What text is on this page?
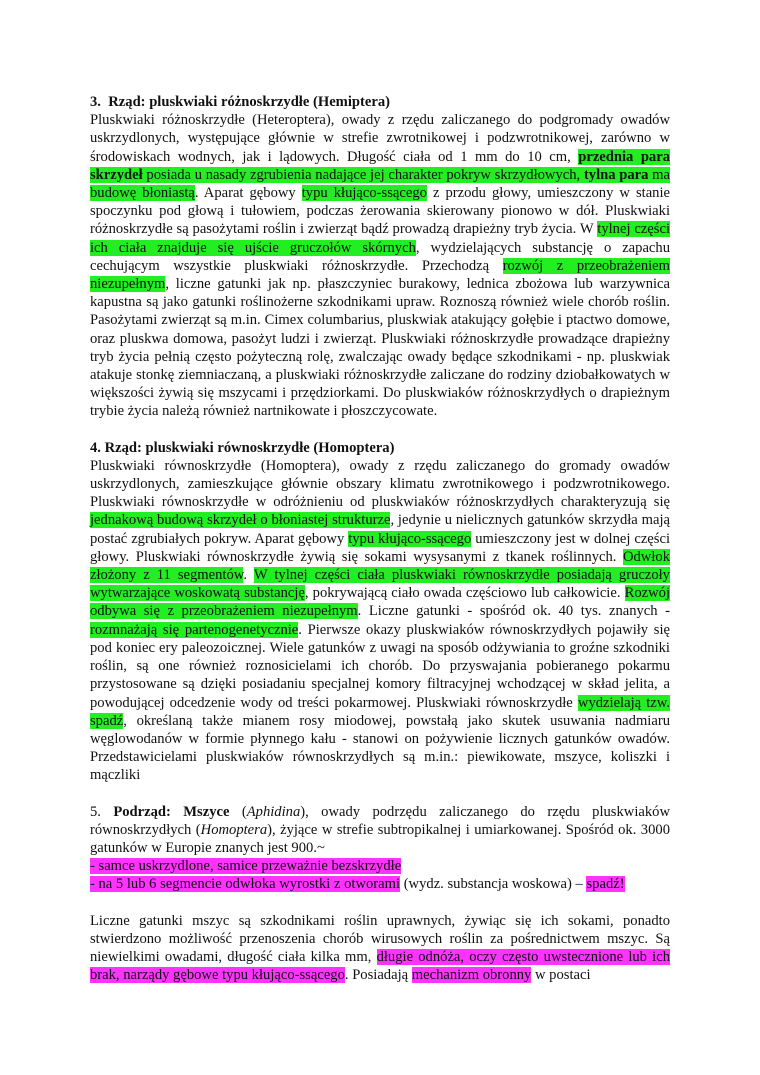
3. Rząd: pluskwiaki różnoskrzydłe (Hemiptera)

Pluskwiaki różnoskrzydłe (Heteroptera), owady z rzędu zaliczanego do podgromady owadów uskrzydlonych, występujące głównie w strefie zwrotnikowej i podzwrotnikowej, zarówno w środowiskach wodnych, jak i lądowych. Długość ciała od 1 mm do 10 cm, przednia para skrzydeł posiada u nasady zgrubienia nadające jej charakter pokryw skrzydłowych, tylna para ma budowę błoniastą. Aparat gębowy typu kłująco-ssącego z przodu głowy, umieszczony w stanie spoczynku pod głową i tułowiem, podczas żerowania skierowany pionowo w dół. Pluskwiaki różnoskrzydłe są pasożytami roślin i zwierząt bądź prowadzą drapieżny tryb życia. W tylnej części ich ciała znajduje się ujście gruczołów skórnych, wydzielających substancję o zapachu cechującym wszystkie pluskwiaki różnoskrzydłe. Przechodzą rozwój z przeobrażeniem niezupełnym, liczne gatunki jak np. płaszczyniec burakowy, lednica zbożowa lub warzywnica kapustna są jako gatunki roślinożerne szkodnikami upraw. Roznoszą również wiele chorób roślin. Pasożytami zwierząt są m.in. Cimex columbarius, pluskwiak atakujący gołębie i ptactwo domowe, oraz pluskwa domowa, pasożyt ludzi i zwierząt. Pluskwiaki różnoskrzydłe prowadzące drapieżny tryb życia pełnią często pożyteczną rolę, zwalczając owady będące szkodnikami - np. pluskwiak atakuje stonkę ziemniaczaną, a pluskwiaki różnoskrzydłe zaliczane do rodziny dziobałkowatych w większości żywią się mszycami i przędziorkami. Do pluskwiaków różnoskrzydłych o drapieżnym trybie życia należą również nartnikowate i płoszczycowate.

4. Rząd: pluskwiaki równoskrzydłe (Homoptera)

Pluskwiaki równoskrzydłe (Homoptera), owady z rzędu zaliczanego do gromady owadów uskrzydlonych, zamieszkujące głównie obszary klimatu zwrotnikowego i podzwrotnikowego. Pluskwiaki równoskrzydłe w odróżnieniu od pluskwiaków różnoskrzydłych charakteryzują się jednakową budową skrzydeł o błoniastej strukturze, jedynie u nielicznych gatunków skrzydła mają postać zgrubiałych pokryw. Aparat gębowy typu kłująco-ssącego umieszczony jest w dolnej części głowy. Pluskwiaki równoskrzydłe żywią się sokami wysysanymi z tkanek roślinnych. Odwłok złożony z 11 segmentów. W tylnej części ciała pluskwiaki równoskrzydłe posiadają gruczoły wytwarzające woskowatą substancję, pokrywającą ciało owada częściowo lub całkowicie. Rozwój odbywa się z przeobrażeniem niezupełnym. Liczne gatunki - spośród ok. 40 tys. znanych - rozmnażają się partenogenetycznie. Pierwsze okazy pluskwiaków równoskrzydłych pojawiły się pod koniec ery paleozoicznej. Wiele gatunków z uwagi na sposób odżywiania to groźne szkodniki roślin, są one również roznosicielami ich chorób. Do przyswajania pobieranego pokarmu przystosowane są dzięki posiadaniu specjalnej komory filtracyjnej wchodzącej w skład jelita, a powodującej odcedzenie wody od treści pokarmowej. Pluskwiaki równoskrzydłe wydzielają tzw. spadź, określaną także mianem rosy miodowej, powstałą jako skutek usuwania nadmiaru węglowodanów w formie płynnego kału - stanowi on pożywienie licznych gatunków owadów. Przedstawicielami pluskwiaków równoskrzydłych są m.in.: piewikowate, mszyce, koliszki i mączliki

5. Podrząd: Mszyce (Aphidina), owady podrzędu zaliczanego do rzędu pluskwiaków równoskrzydłych (Homoptera), żyjące w strefie subtropikalnej i umiarkowanej. Spośród ok. 3000 gatunków w Europie znanych jest 900.~

- samce uskrzydlone, samice przeważnie bezskrzydłe

- na 5 lub 6 segmencie odwłoka wyrostki z otworami (wydz. substancja woskowa) – spadź!

Liczne gatunki mszyc są szkodnikami roślin uprawnych, żywiąc się ich sokami, ponadto stwierdzono możliwość przenoszenia chorób wirusowych roślin za pośrednictwem mszyc. Są niewielkimi owadami, długość ciała kilka mm, długie odnóża, oczy często uwstecznione lub ich brak, narządy gębowe typu kłująco-ssącego. Posiadają mechanizm obronny w postaci
